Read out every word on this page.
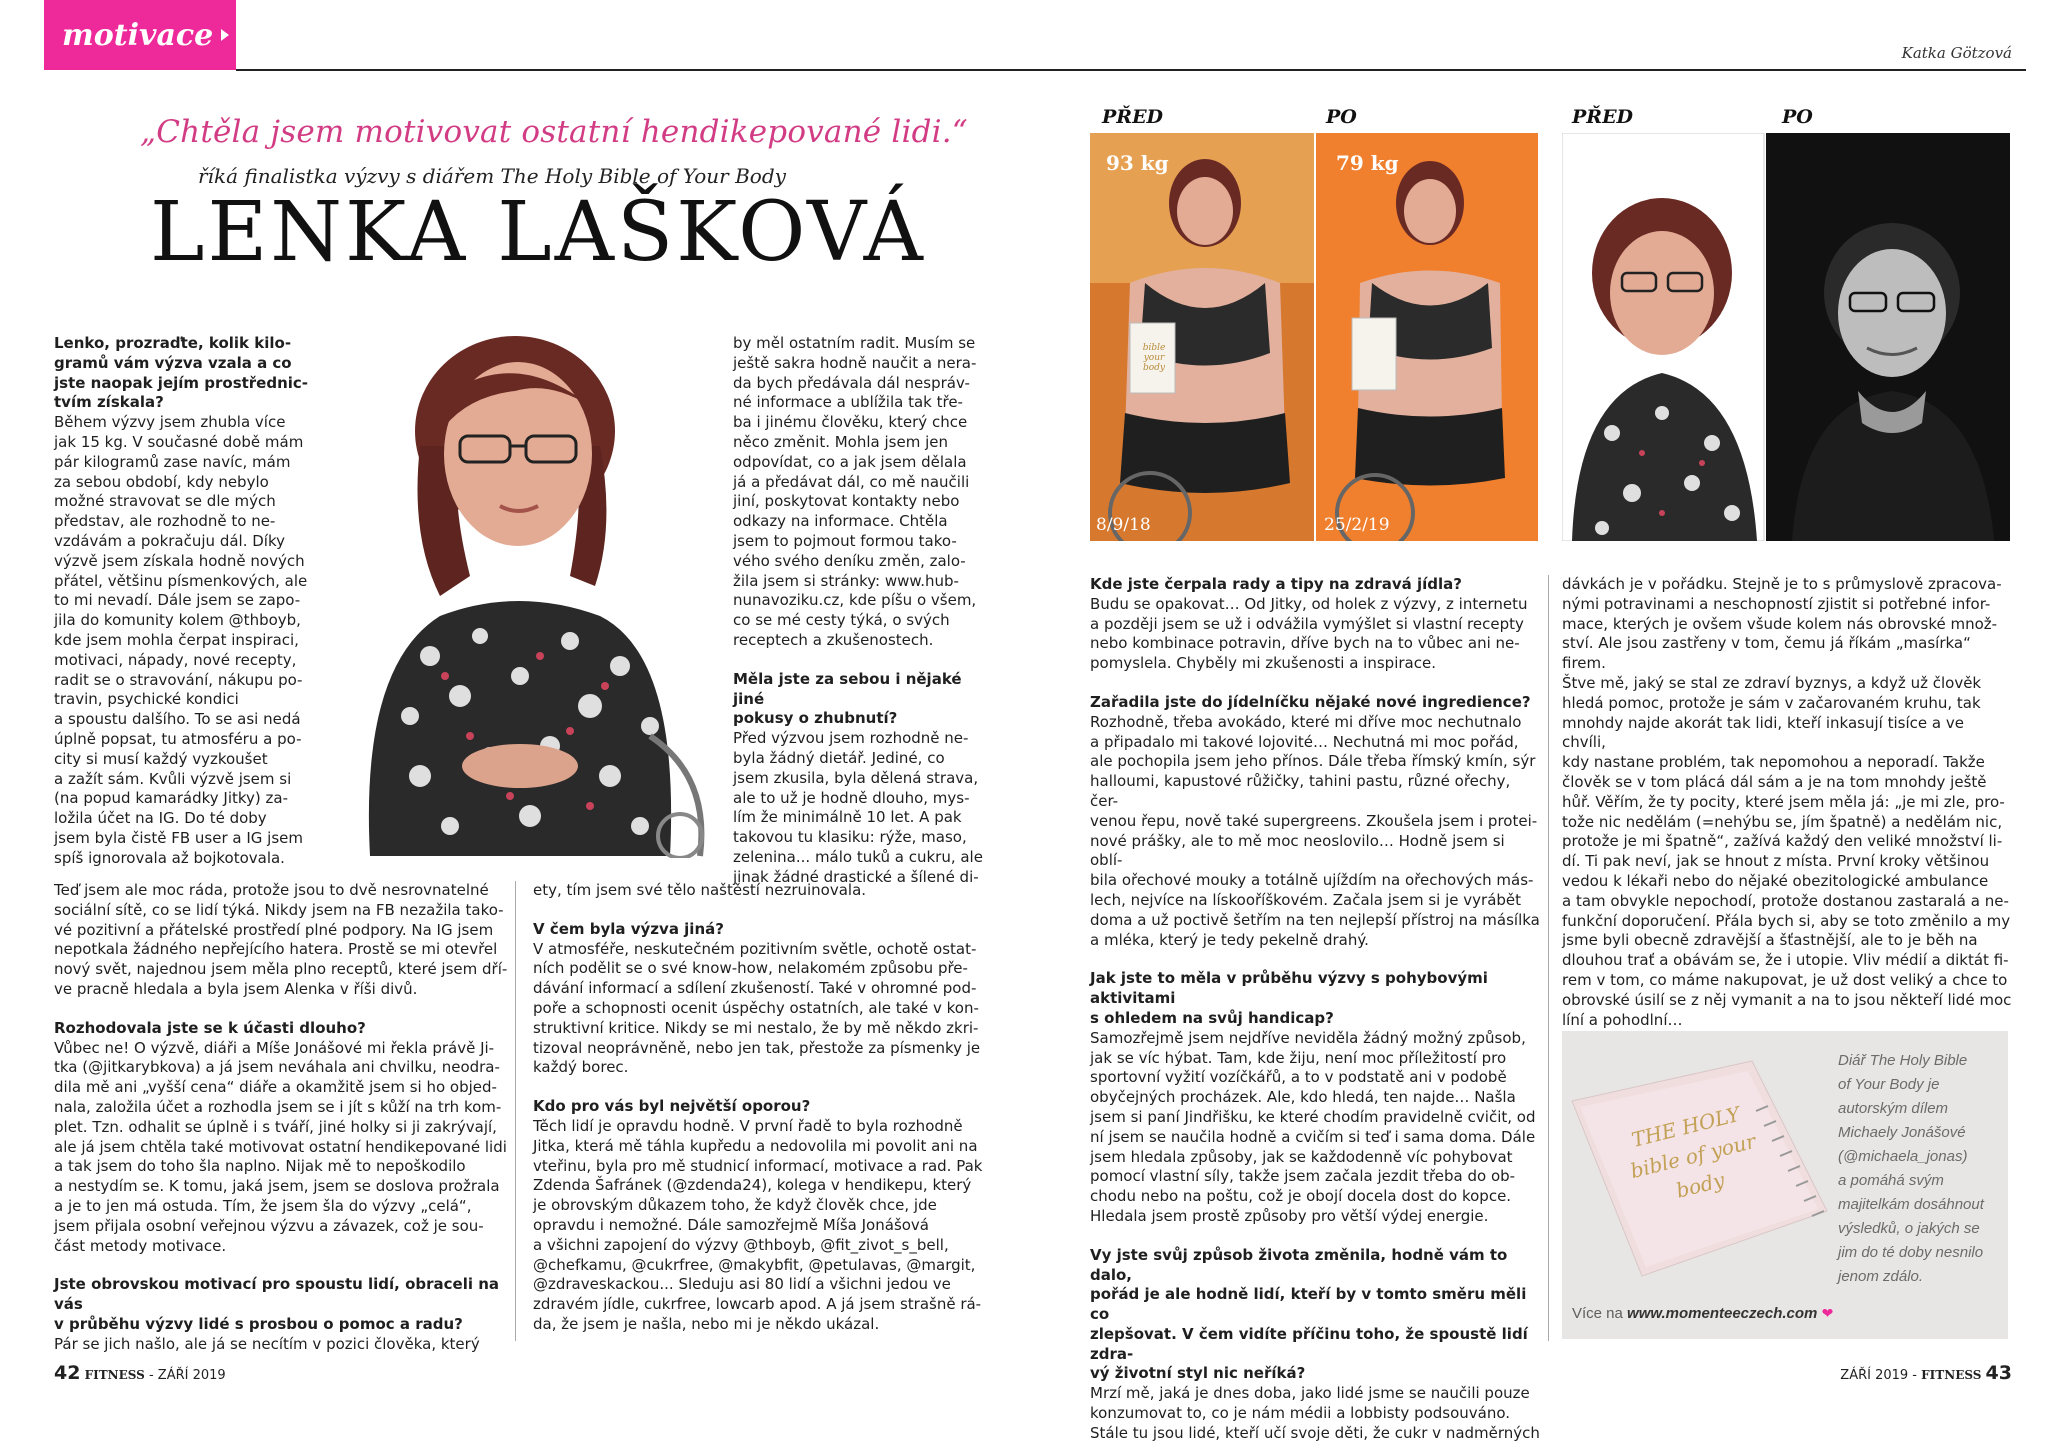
motivace
Katka Götzová
„Chtěla jsem motivovat ostatní hendikepované lidi.“
říká finalistka výzvy s diářem The Holy Bible of Your Body
LENKA LAŠKOVÁ

Lenko, prozraďte, kolik kilo-

gramů vám výzva vzala a co

jste naopak jejím prostřednic-

tvím získala?

Během výzvy jsem zhubla více

jak 15 kg. V současné době mám

pár kilogramů zase navíc, mám

za sebou období, kdy nebylo

možné stravovat se dle mých

představ, ale rozhodně to ne-

vzdávám a pokračuju dál. Díky

výzvě jsem získala hodně nových

přátel, většinu písmenkových, ale

to mi nevadí. Dále jsem se zapo-

jila do komunity kolem @thboyb,

kde jsem mohla čerpat inspiraci,

motivaci, nápady, nové recepty,

radit se o stravování, nákupu po-

travin, psychické kondici

a spoustu dalšího. To se asi nedá

úplně popsat, tu atmosféru a po-

city si musí každý vyzkoušet

a zažít sám. Kvůli výzvě jsem si

(na popud kamarádky Jitky) za-

ložila účet na IG. Do té doby

jsem byla čistě FB user a IG jsem

spíš ignorovala až bojkotovala.

Teď jsem ale moc ráda, protože jsou to dvě nesrovnatelné

sociální sítě, co se lidí týká. Nikdy jsem na FB nezažila tako-

vé pozitivní a přátelské prostředí plné podpory. Na IG jsem

nepotkala žádného nepřejícího hatera. Prostě se mi otevřel

nový svět, najednou jsem měla plno receptů, které jsem dří-

ve pracně hledala a byla jsem Alenka v říši divů.

Rozhodovala jste se k účasti dlouho?

Vůbec ne! O výzvě, diáři a Míše Jonášové mi řekla právě Ji-

tka (@jitkarybkova) a já jsem neváhala ani chvilku, neodra-

dila mě ani „vyšší cena“ diáře a okamžitě jsem si ho objed-

nala, založila účet a rozhodla jsem se i jít s kůží na trh kom-

plet. Tzn. odhalit se úplně i s tváří, jiné holky si ji zakrývají,

ale já jsem chtěla také motivovat ostatní hendikepované lidi

a tak jsem do toho šla naplno. Nijak mě to nepoškodilo

a nestydím se. K tomu, jaká jsem, jsem se doslova prožrala

a je to jen má ostuda. Tím, že jsem šla do výzvy „celá“,

jsem přijala osobní veřejnou výzvu a závazek, což je sou-

část metody motivace.

Jste obrovskou motivací pro spoustu lidí, obraceli na vás

v průběhu výzvy lidé s prosbou o pomoc a radu?

Pár se jich našlo, ale já se necítím v pozici člověka, který

by měl ostatním radit. Musím se

ještě sakra hodně naučit a nera-

da bych předávala dál nespráv-

né informace a ublížila tak tře-

ba i jinému člověku, který chce

něco změnit. Mohla jsem jen

odpovídat, co a jak jsem dělala

já a předávat dál, co mě naučili

jiní, poskytovat kontakty nebo

odkazy na informace. Chtěla

jsem to pojmout formou tako-

vého svého deníku změn, zalo-

žila jsem si stránky: www.hub-

nunavoziku.cz, kde píšu o všem,

co se mé cesty týká, o svých

receptech a zkušenostech.

Měla jste za sebou i nějaké jiné

pokusy o zhubnutí?

Před výzvou jsem rozhodně ne-

byla žádný dietář. Jediné, co

jsem zkusila, byla dělená strava,

ale to už je hodně dlouho, mys-

lím že minimálně 10 let. A pak

takovou tu klasiku: rýže, maso,

zelenina... málo tuků a cukru, ale

jinak žádné drastické a šílené di-

ety, tím jsem své tělo naštěstí nezruinovala.

V čem byla výzva jiná?

V atmosféře, neskutečném pozitivním světle, ochotě ostat-

ních podělit se o své know-how, nelakomém způsobu pře-

dávání informací a sdílení zkušeností. Také v ohromné pod-

poře a schopnosti ocenit úspěchy ostatních, ale také v kon-

struktivní kritice. Nikdy se mi nestalo, že by mě někdo zkri-

tizoval neoprávněně, nebo jen tak, přestože za písmenky je

každý borec.

Kdo pro vás byl největší oporou?

Těch lidí je opravdu hodně. V první řadě to byla rozhodně

Jitka, která mě táhla kupředu a nedovolila mi povolit ani na

vteřinu, byla pro mě studnicí informací, motivace a rad. Pak

Zdenda Šafránek (@zdenda24), kolega v hendikepu, který

je obrovským důkazem toho, že když člověk chce, jde

opravdu i nemožné. Dále samozřejmě Míša Jonášová

a všichni zapojení do výzvy @thboyb, @fit_zivot_s_bell,

@chefkamu, @cukrfree, @makybfit, @petulavas, @margit,

@zdraveskackou... Sleduju asi 80 lidí a všichni jedou ve

zdravém jídle, cukrfree, lowcarb apod. A já jsem strašně rá-

da, že jsem je našla, nebo mi je někdo ukázal.

PŘED	PO
93 kg	79 kg
8/9/18	25/2/19
bible your body
PŘED	PO

Kde jste čerpala rady a tipy na zdravá jídla?

Budu se opakovat… Od Jitky, od holek z výzvy, z internetu

a později jsem se už i odvážila vymýšlet si vlastní recepty

nebo kombinace potravin, dříve bych na to vůbec ani ne-

pomyslela. Chyběly mi zkušenosti a inspirace.

Zařadila jste do jídelníčku nějaké nové ingredience?

Rozhodně, třeba avokádo, které mi dříve moc nechutnalo

a připadalo mi takové lojovité… Nechutná mi moc pořád,

ale pochopila jsem jeho přínos. Dále třeba římský kmín, sýr

halloumi, kapustové růžičky, tahini pastu, různé ořechy, čer-

venou řepu, nově také supergreens. Zkoušela jsem i protei-

nové prášky, ale to mě moc neoslovilo… Hodně jsem si oblí-

bila ořechové mouky a totálně ujíždím na ořechových más-

lech, nejvíce na lískooříškovém. Začala jsem si je vyrábět

doma a už poctivě šetřím na ten nejlepší přístroj na másílka

a mléka, který je tedy pekelně drahý.

Jak jste to měla v průběhu výzvy s pohybovými aktivitami

s ohledem na svůj handicap?

Samozřejmě jsem nejdříve neviděla žádný možný způsob,

jak se víc hýbat. Tam, kde žiju, není moc příležitostí pro

sportovní vyžití vozíčkářů, a to v podstatě ani v podobě

obyčejných procházek. Ale, kdo hledá, ten najde… Našla

jsem si paní Jindřišku, ke které chodím pravidelně cvičit, od

ní jsem se naučila hodně a cvičím si teď i sama doma. Dále

jsem hledala způsoby, jak se každodenně víc pohybovat

pomocí vlastní síly, takže jsem začala jezdit třeba do ob-

chodu nebo na poštu, což je obojí docela dost do kopce.

Hledala jsem prostě způsoby pro větší výdej energie.

Vy jste svůj způsob života změnila, hodně vám to dalo,

pořád je ale hodně lidí, kteří by v tomto směru měli co

zlepšovat. V čem vidíte příčinu toho, že spoustě lidí zdra-

vý životní styl nic neříká?

Mrzí mě, jaká je dnes doba, jako lidé jsme se naučili pouze

konzumovat to, co je nám médii a lobbisty podsouváno.

Stále tu jsou lidé, kteří učí svoje děti, že cukr v nadměrných

dávkách je v pořádku. Stejně je to s průmyslově zpracova-

nými potravinami a neschopností zjistit si potřebné infor-

mace, kterých je ovšem všude kolem nás obrovské množ-

ství. Ale jsou zastřeny v tom, čemu já říkám „masírka“ firem.

Štve mě, jaký se stal ze zdraví byznys, a když už člověk

hledá pomoc, protože je sám v začarovaném kruhu, tak

mnohdy najde akorát tak lidi, kteří inkasují tisíce a ve chvíli,

kdy nastane problém, tak nepomohou a neporadí. Takže

člověk se v tom plácá dál sám a je na tom mnohdy ještě

hůř. Věřím, že ty pocity, které jsem měla já: „je mi zle, pro-

tože nic nedělám (=nehýbu se, jím špatně) a nedělám nic,

protože je mi špatně“, zažívá každý den veliké množství li-

dí. Ti pak neví, jak se hnout z místa. První kroky většinou

vedou k lékaři nebo do nějaké obezitologické ambulance

a tam obvykle nepochodí, protože dostanou zastaralá a ne-

funkční doporučení. Přála bych si, aby se toto změnilo a my

jsme byli obecně zdravější a šťastnější, ale to je běh na

dlouhou trať a obávám se, že i utopie. Vliv médií a diktát fi-

rem v tom, co máme nakupovat, je už dost veliký a chce to

obrovské úsilí se z něj vymanit a na to jsou někteří lidé moc

líní a pohodlní…

THE HOLY bible of your body
Diář The Holy Bible
of Your Body je
autorským dílem
Michaely Jonášové
(@michaela_jonas)
a pomáhá svým
majitelkám dosáhnout
výsledků, o jakých se
jim do té doby nesnilo
jenom zdálo.
Více na www.momenteeczech.com ❤
42 FITNESS - ZÁŘÍ 2019	ZÁŘÍ 2019 - FITNESS 43
